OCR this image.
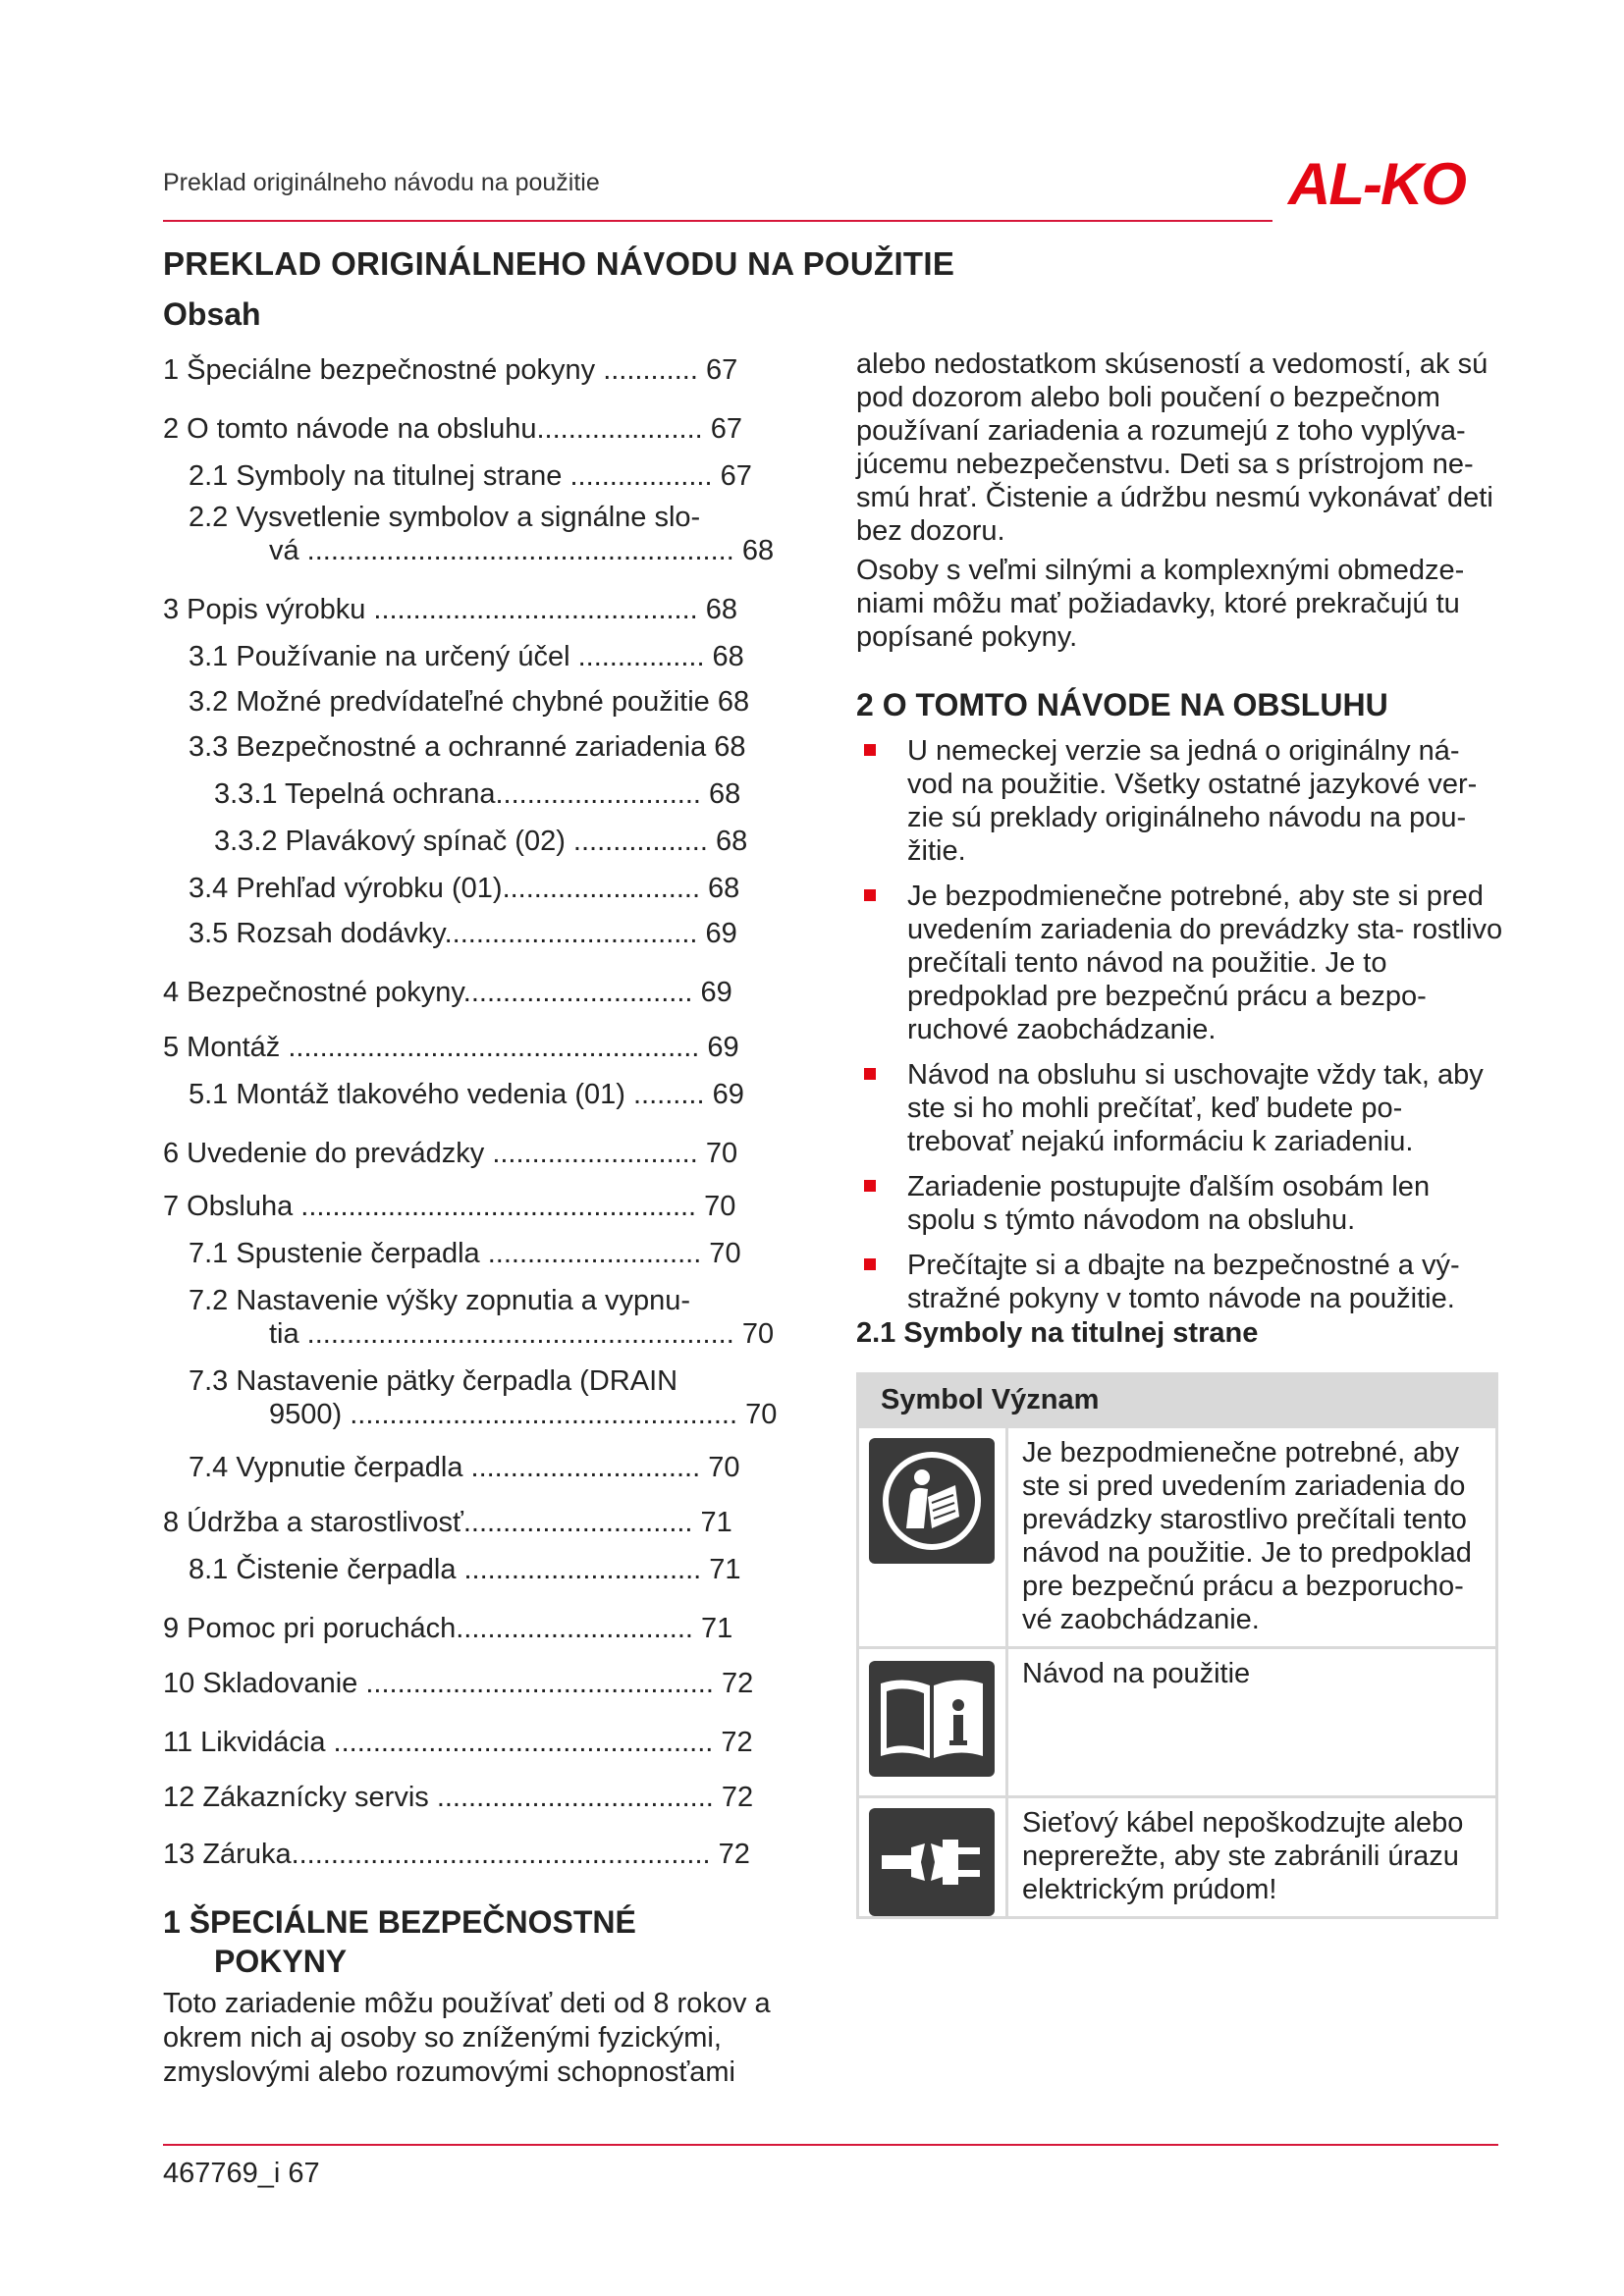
Preklad originálneho návodu na použitie	AL-KO
PREKLAD ORIGINÁLNEHO NÁVODU NA POUŽITIE
Obsah
1 Špeciálne bezpečnostné pokyny ............ 67
2 O tomto návode na obsluhu..................... 67
2.1 Symboly na titulnej strane .................. 67
2.2 Vysvetlenie symbolov a signálne slo-
vá ...................................................... 68
3 Popis výrobku ......................................... 68
3.1 Používanie na určený účel ................ 68
3.2 Možné predvídateľné chybné použitie 68
3.3 Bezpečnostné a ochranné zariadenia 68
3.3.1 Tepelná ochrana.......................... 68
3.3.2 Plavákový spínač (02) ................. 68
3.4 Prehľad výrobku (01)......................... 68
3.5 Rozsah dodávky................................ 69
4 Bezpečnostné pokyny............................. 69
5 Montáž .................................................... 69
5.1 Montáž tlakového vedenia (01) ......... 69
6 Uvedenie do prevádzky .......................... 70
7 Obsluha .................................................. 70
7.1 Spustenie čerpadla ........................... 70
7.2 Nastavenie výšky zopnutia a vypnu-
tia ...................................................... 70
7.3 Nastavenie pätky čerpadla (DRAIN
9500) ................................................. 70
7.4 Vypnutie čerpadla ............................. 70
8 Údržba a starostlivosť............................. 71
8.1 Čistenie čerpadla .............................. 71
9 Pomoc pri poruchách.............................. 71
10 Skladovanie ............................................ 72
11 Likvidácia ................................................ 72
12 Zákaznícky servis ................................... 72
13 Záruka..................................................... 72
1 ŠPECIÁLNE BEZPEČNOSTNÉ
POKYNY

Toto zariadenie môžu používať deti od 8 rokov a okrem nich aj osoby so zníženými fyzickými, zmyslovými alebo rozumovými schopnosťami

alebo nedostatkom skúseností a vedomostí, ak sú pod dozorom alebo boli poučení o bezpečnom používaní zariadenia a rozumejú z toho vyplýva- júcemu nebezpečenstvu. Deti sa s prístrojom ne- smú hrať. Čistenie a údržbu nesmú vykonávať deti bez dozoru.

Osoby s veľmi silnými a komplexnými obmedze- niami môžu mať požiadavky, ktoré prekračujú tu popísané pokyny.

2 O TOMTO NÁVODE NA OBSLUHU
U nemeckej verzie sa jedná o originálny ná- vod na použitie. Všetky ostatné jazykové ver- zie sú preklady originálneho návodu na pou- žitie.
Je bezpodmienečne potrebné, aby ste si pred uvedením zariadenia do prevádzky sta- rostlivo prečítali tento návod na použitie. Je to predpoklad pre bezpečnú prácu a bezpo- ruchové zaobchádzanie.
Návod na obsluhu si uschovajte vždy tak, aby ste si ho mohli prečítať, keď budete po- trebovať nejakú informáciu k zariadeniu.
Zariadenie postupujte ďalším osobám len spolu s týmto návodom na obsluhu.
Prečítajte si a dbajte na bezpečnostné a vý- stražné pokyny v tomto návode na použitie.
2.1 Symboly na titulnej strane
Symbol Význam	

	Je bezpodmienečne potrebné, aby ste si pred uvedením zariadenia do prevádzky starostlivo prečítali tento návod na použitie. Je to predpoklad pre bezpečnú prácu a bezporucho- vé zaobchádzanie.

	Návod na použitie

	Sieťový kábel nepoškodzujte alebo neprerežte, aby ste zabránili úrazu elektrickým prúdom!
467769_i 67
